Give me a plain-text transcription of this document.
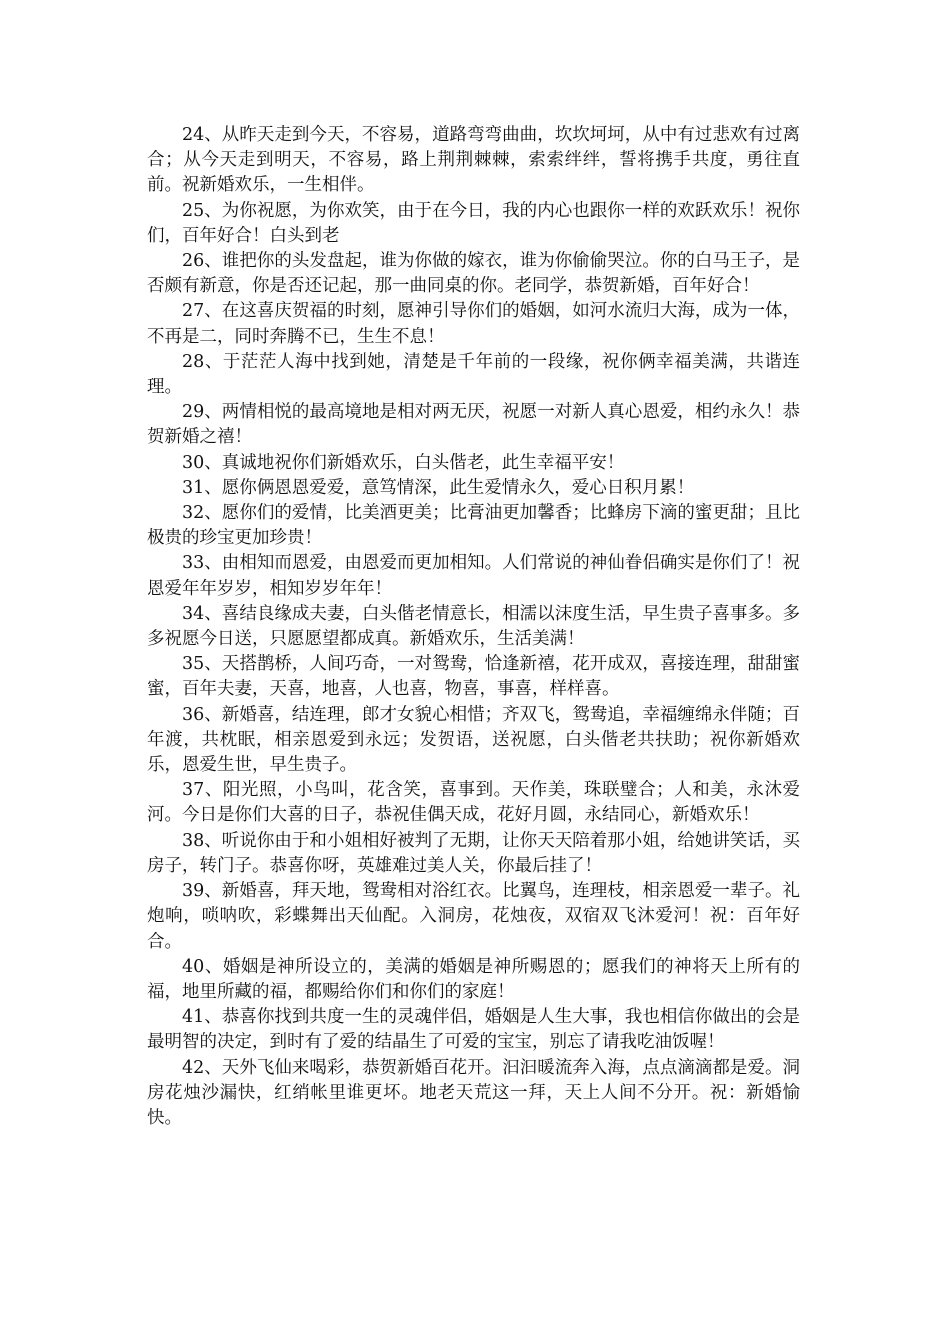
24、从昨天走到今天，不容易，道路弯弯曲曲，坎坎坷坷，从中有过悲欢有过离合；从今天走到明天，不容易，路上荆荆棘棘，索索绊绊，誓将携手共度，勇往直前。祝新婚欢乐，一生相伴。

25、为你祝愿，为你欢笑，由于在今日，我的内心也跟你一样的欢跃欢乐！祝你们，百年好合！白头到老

26、谁把你的头发盘起，谁为你做的嫁衣，谁为你偷偷哭泣。你的白马王子，是否颇有新意，你是否还记起，那一曲同桌的你。老同学，恭贺新婚，百年好合！

27、在这喜庆贺福的时刻，愿神引导你们的婚姻，如河水流归大海，成为一体，不再是二，同时奔腾不已，生生不息！

28、于茫茫人海中找到她，清楚是千年前的一段缘，祝你俩幸福美满，共谐连理。

29、两情相悦的最高境地是相对两无厌，祝愿一对新人真心恩爱，相约永久！恭贺新婚之禧！

30、真诚地祝你们新婚欢乐，白头偕老，此生幸福平安！

31、愿你俩恩恩爱爱，意笃情深，此生爱情永久，爱心日积月累！

32、愿你们的爱情，比美酒更美；比膏油更加馨香；比蜂房下滴的蜜更甜；且比极贵的珍宝更加珍贵！

33、由相知而恩爱，由恩爱而更加相知。人们常说的神仙眷侣确实是你们了！祝恩爱年年岁岁，相知岁岁年年！

34、喜结良缘成夫妻，白头偕老情意长，相濡以沫度生活，早生贵子喜事多。多多祝愿今日送，只愿愿望都成真。新婚欢乐，生活美满！

35、天搭鹊桥，人间巧奇，一对鸳鸯，恰逢新禧，花开成双，喜接连理，甜甜蜜蜜，百年夫妻，天喜，地喜，人也喜，物喜，事喜，样样喜。

36、新婚喜，结连理，郎才女貌心相惜；齐双飞，鸳鸯追，幸福缠绵永伴随；百年渡，共枕眠，相亲恩爱到永远；发贺语，送祝愿，白头偕老共扶助；祝你新婚欢乐，恩爱生世，早生贵子。

37、阳光照，小鸟叫，花含笑，喜事到。天作美，珠联璧合；人和美，永沐爱河。今日是你们大喜的日子，恭祝佳偶天成，花好月圆，永结同心，新婚欢乐！

38、听说你由于和小姐相好被判了无期，让你天天陪着那小姐，给她讲笑话，买房子，转门子。恭喜你呀，英雄难过美人关，你最后挂了！

39、新婚喜，拜天地，鸳鸯相对浴红衣。比翼鸟，连理枝，相亲恩爱一辈子。礼炮响，唢呐吹，彩蝶舞出天仙配。入洞房，花烛夜，双宿双飞沐爱河！祝：百年好合。

40、婚姻是神所设立的，美满的婚姻是神所赐恩的；愿我们的神将天上所有的福，地里所藏的福，都赐给你们和你们的家庭！

41、恭喜你找到共度一生的灵魂伴侣，婚姻是人生大事，我也相信你做出的会是最明智的决定，到时有了爱的结晶生了可爱的宝宝，别忘了请我吃油饭喔！

42、天外飞仙来喝彩，恭贺新婚百花开。汩汩暖流奔入海，点点滴滴都是爱。洞房花烛沙漏快，红绡帐里谁更坏。地老天荒这一拜，天上人间不分开。祝：新婚愉快。
